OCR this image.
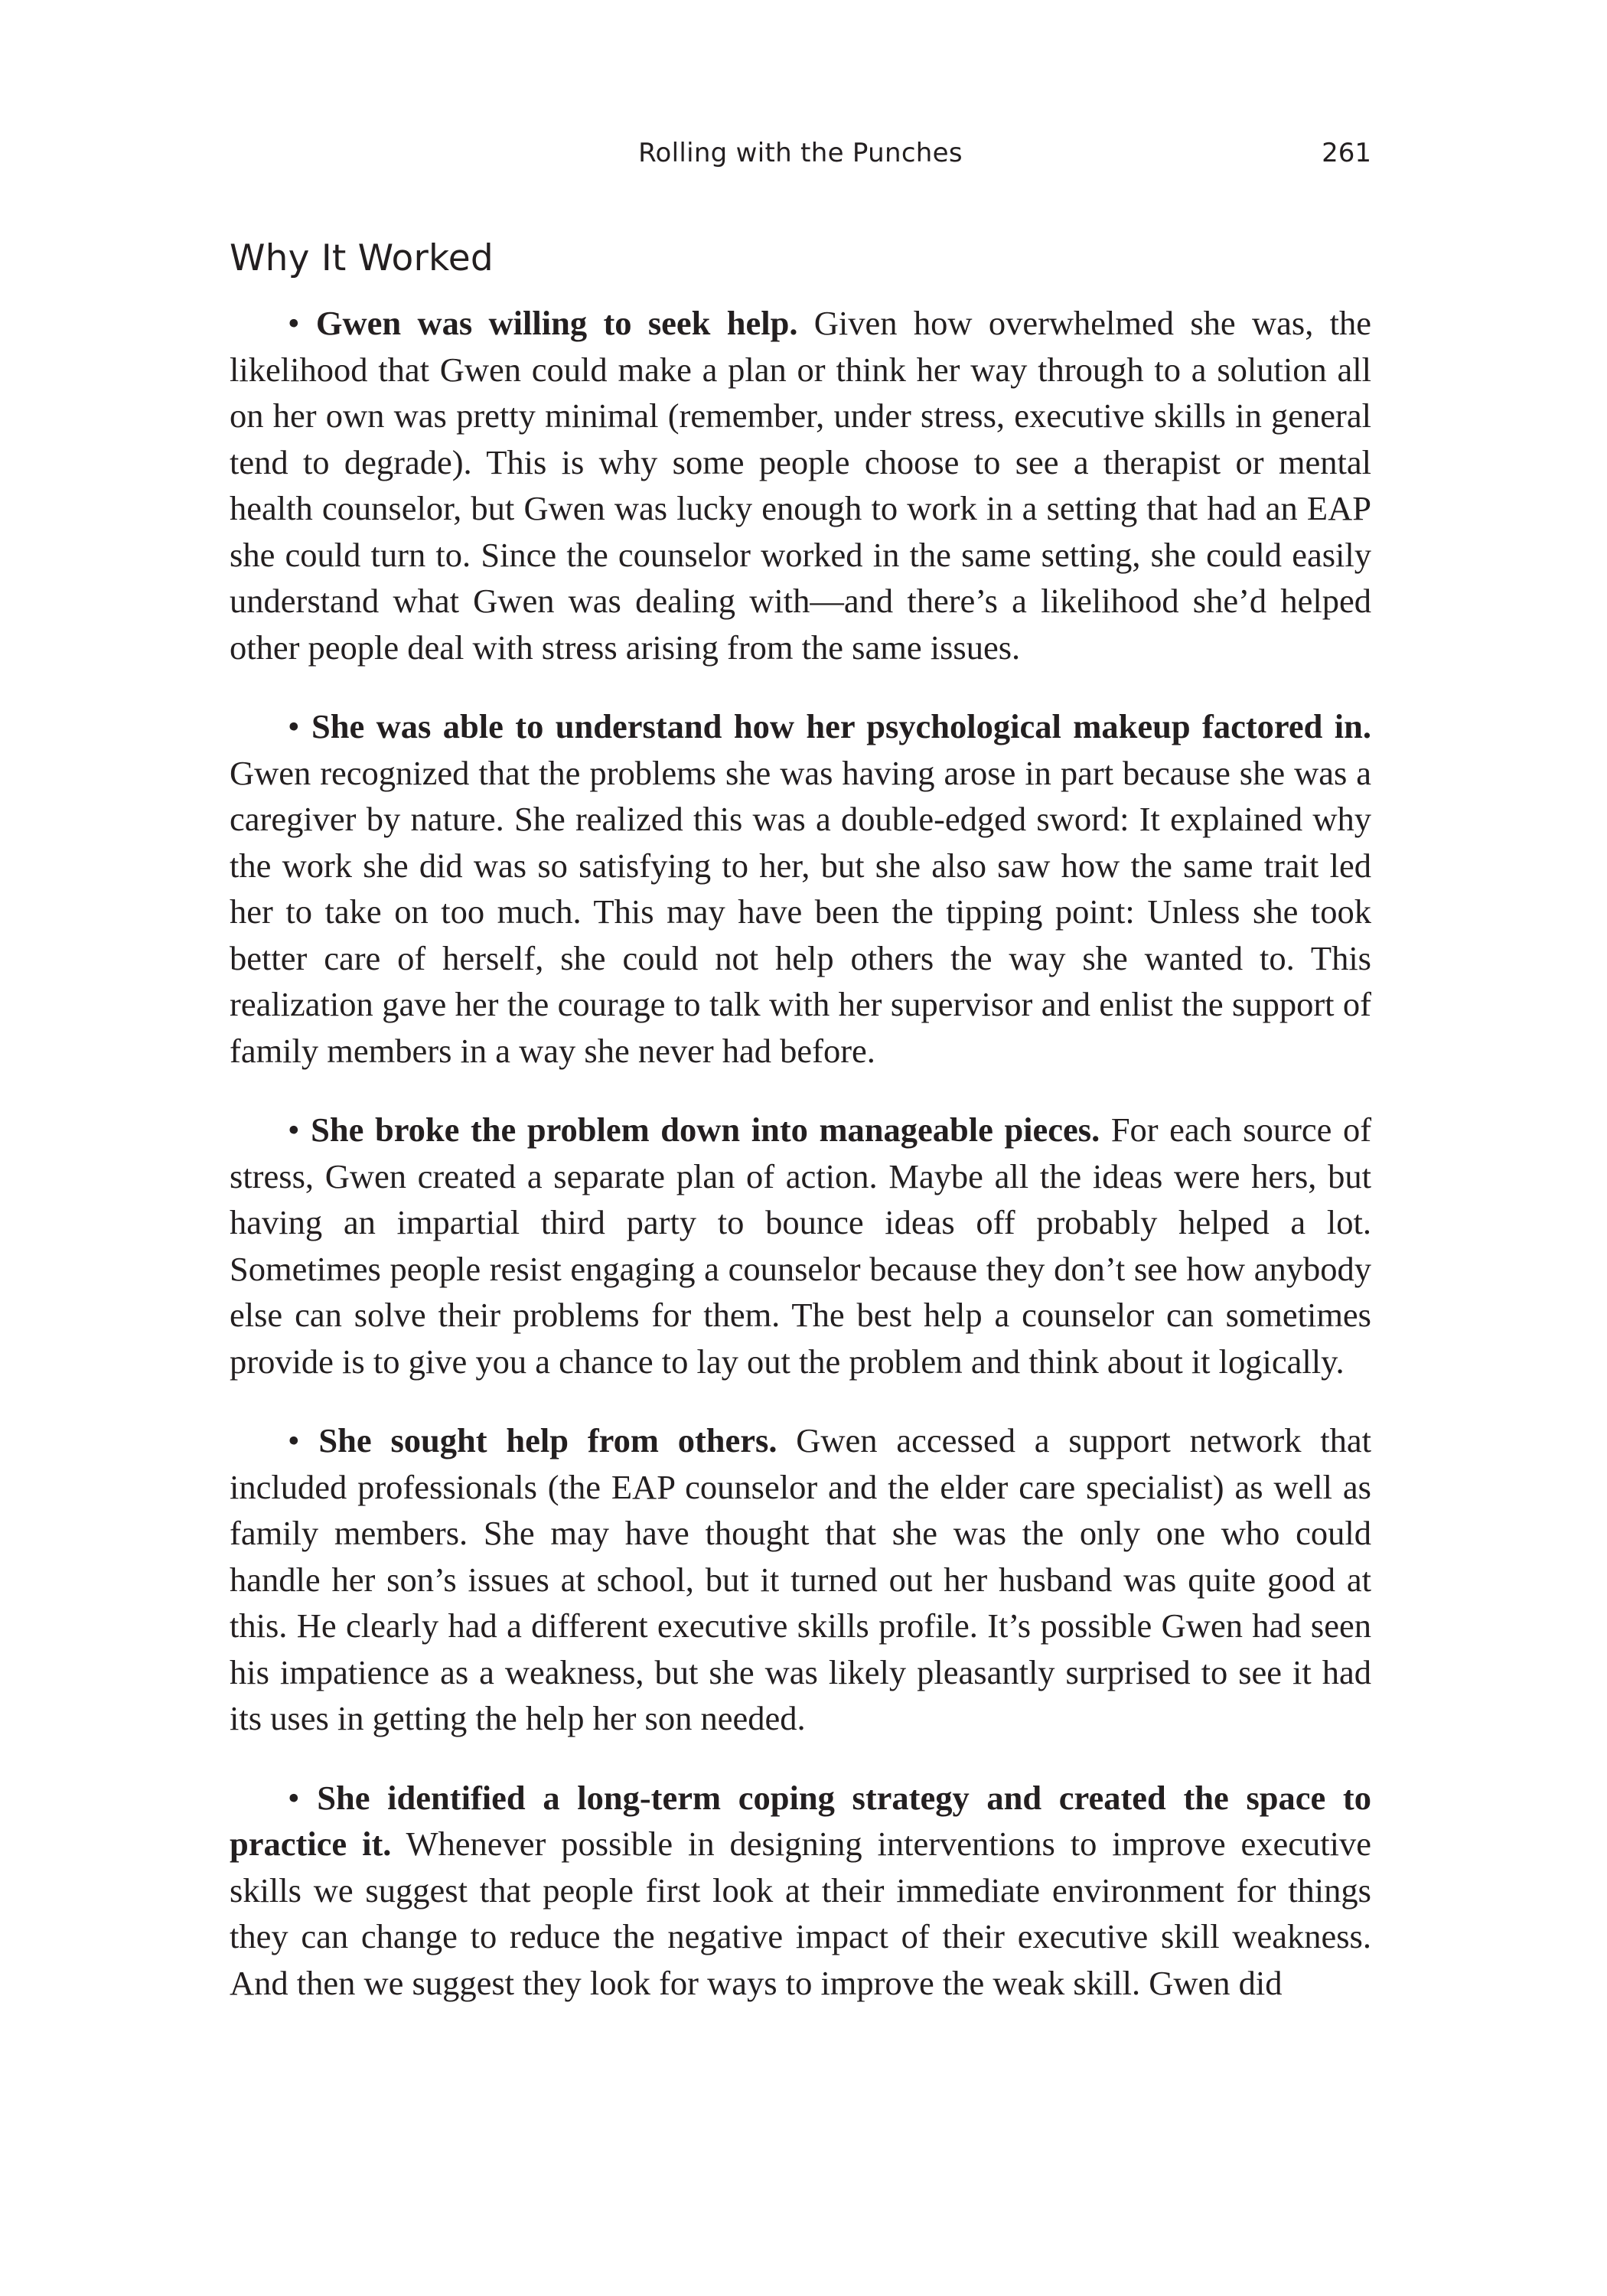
Rolling with the Punches	261
Why It Worked

• Gwen was willing to seek help. Given how overwhelmed she was, the likelihood that Gwen could make a plan or think her way through to a solution all on her own was pretty minimal (remember, under stress, executive skills in general tend to degrade). This is why some people choose to see a therapist or mental health counselor, but Gwen was lucky enough to work in a setting that had an EAP she could turn to. Since the counselor worked in the same setting, she could easily understand what Gwen was dealing with—and there’s a likelihood she’d helped other people deal with stress arising from the same issues.

• She was able to understand how her psychological makeup factored in. Gwen recognized that the problems she was having arose in part because she was a caregiver by nature. She realized this was a double-edged sword: It explained why the work she did was so satisfying to her, but she also saw how the same trait led her to take on too much. This may have been the tipping point: Unless she took better care of herself, she could not help others the way she wanted to. This realization gave her the courage to talk with her supervisor and enlist the support of family members in a way she never had before.

• She broke the problem down into manageable pieces. For each source of stress, Gwen created a separate plan of action. Maybe all the ideas were hers, but having an impartial third party to bounce ideas off probably helped a lot. Sometimes people resist engaging a counselor because they don’t see how anybody else can solve their problems for them. The best help a counselor can sometimes provide is to give you a chance to lay out the problem and think about it logically.

• She sought help from others. Gwen accessed a support network that included professionals (the EAP counselor and the elder care specialist) as well as family members. She may have thought that she was the only one who could handle her son’s issues at school, but it turned out her husband was quite good at this. He clearly had a different executive skills profile. It’s possible Gwen had seen his impatience as a weakness, but she was likely pleasantly surprised to see it had its uses in getting the help her son needed.

• She identified a long-term coping strategy and created the space to practice it. Whenever possible in designing interventions to improve executive skills we suggest that people first look at their immediate environment for things they can change to reduce the negative impact of their executive skill weakness. And then we suggest they look for ways to improve the weak skill. Gwen did
